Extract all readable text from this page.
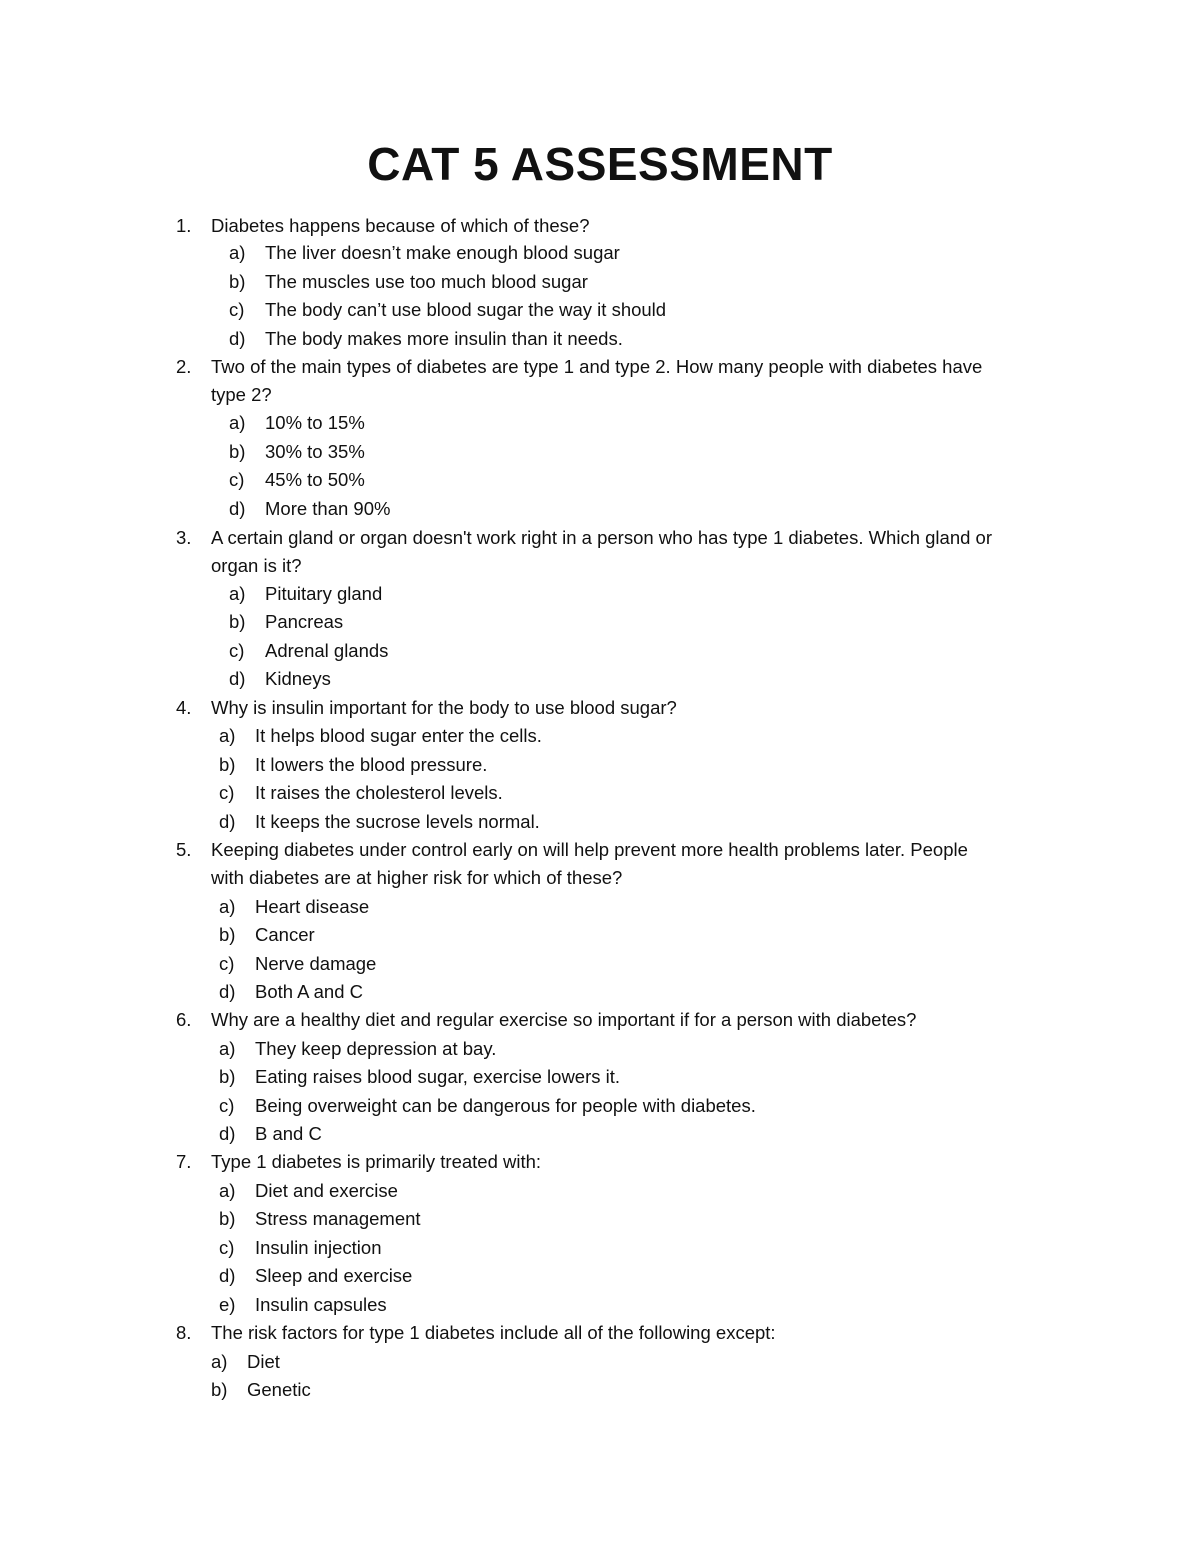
CAT 5 ASSESSMENT
1. Diabetes happens because of which of these?
a)	The liver doesn’t make enough blood sugar
b)	The muscles use too much blood sugar
c)	The body can’t use blood sugar the way it should
d)	The body makes more insulin than it needs.
2. Two of the main types of diabetes are type 1 and type 2. How many people with diabetes have
type 2?
a)	10% to 15%
b)	30% to 35%
c)	45% to 50%
d)	More than 90%
3. A certain gland or organ doesn't work right in a person who has type 1 diabetes. Which gland or
organ is it?
a)	Pituitary gland
b)	Pancreas
c)	Adrenal glands
d)	Kidneys
4. Why is insulin important for the body to use blood sugar?
a)	It helps blood sugar enter the cells.
b)	It lowers the blood pressure.
c)	It raises the cholesterol levels.
d)	It keeps the sucrose levels normal.
5. Keeping diabetes under control early on will help prevent more health problems later. People
with diabetes are at higher risk for which of these?
a)	Heart disease
b)	Cancer
c)	Nerve damage
d)	Both A and C
6. Why are a healthy diet and regular exercise so important if for a person with diabetes?
a)	They keep depression at bay.
b)	Eating raises blood sugar, exercise lowers it.
c)	Being overweight can be dangerous for people with diabetes.
d)	B and C
7. Type 1 diabetes is primarily treated with:
a)	Diet and exercise
b)	Stress management
c)	Insulin injection
d)	Sleep and exercise
e)	Insulin capsules
8. The risk factors for type 1 diabetes include all of the following except:
a)	Diet
b)	Genetic
